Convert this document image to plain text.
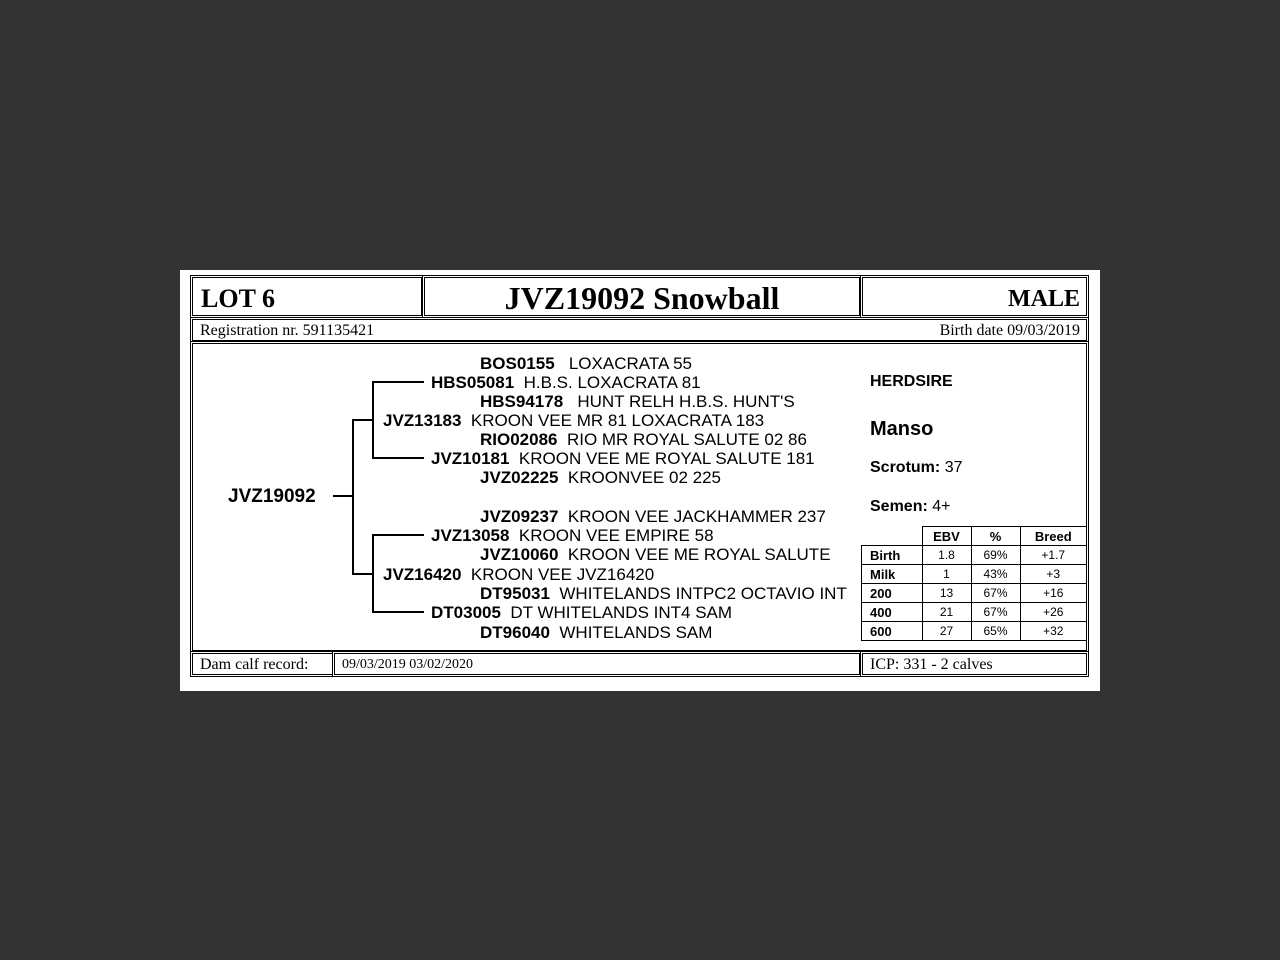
LOT 6	JVZ19092 Snowball	MALE
Registration nr. 591135421	Birth date 09/03/2019
JVZ19092
BOS0155 LOXACRATA 55
HBS05081 H.B.S. LOXACRATA 81
HBS94178 HUNT RELH H.B.S. HUNT'S
JVZ13183 KROON VEE MR 81 LOXACRATA 183
RIO02086 RIO MR ROYAL SALUTE 02 86
JVZ10181 KROON VEE ME ROYAL SALUTE 181
JVZ02225 KROONVEE 02 225
JVZ09237 KROON VEE JACKHAMMER 237
JVZ13058 KROON VEE EMPIRE 58
JVZ10060 KROON VEE ME ROYAL SALUTE
JVZ16420 KROON VEE JVZ16420
DT95031 WHITELANDS INTPC2 OCTAVIO INT
DT03005 DT WHITELANDS INT4 SAM
DT96040 WHITELANDS SAM
HERDSIRE
Manso
Scrotum: 37
Semen: 4+
	EBV	%	Breed
Birth	1.8	69%	+1.7
Milk	1	43%	+3
200	13	67%	+16
400	21	67%	+26
600	27	65%	+32
Dam calf record: 09/03/2019 03/02/2020	ICP: 331 - 2 calves
